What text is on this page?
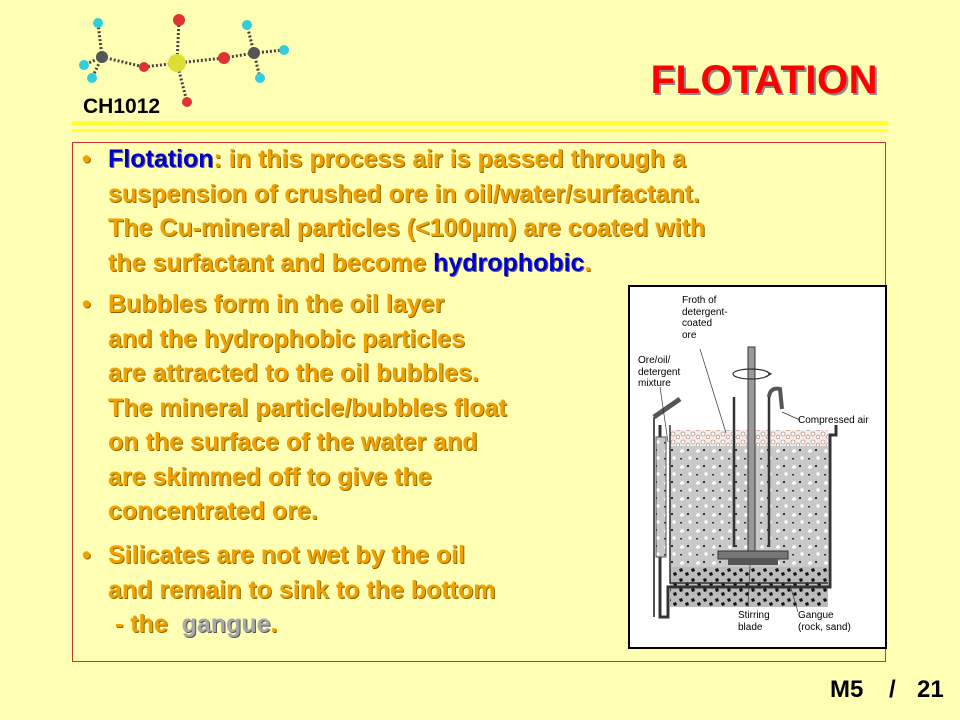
CH1012
FLOTATION
• Flotation: in this process air is passed through a
suspension of crushed ore in oil/water/surfactant.
The Cu-mineral particles (<100µm) are coated with
the surfactant and become hydrophobic.
• Bubbles form in the oil layer
and the hydrophobic particles
are attracted to the oil bubbles.
The mineral particle/bubbles float
on the surface of the water and
are skimmed off to give the
concentrated ore.
• Silicates are not wet by the oil
and remain to sink to the bottom
- the  gangue.
Froth of
detergent-
coated
ore
Ore/oil/
detergent
mixture
Compressed air
Stirring
blade
Gangue
(rock, sand)
M5 / 21
